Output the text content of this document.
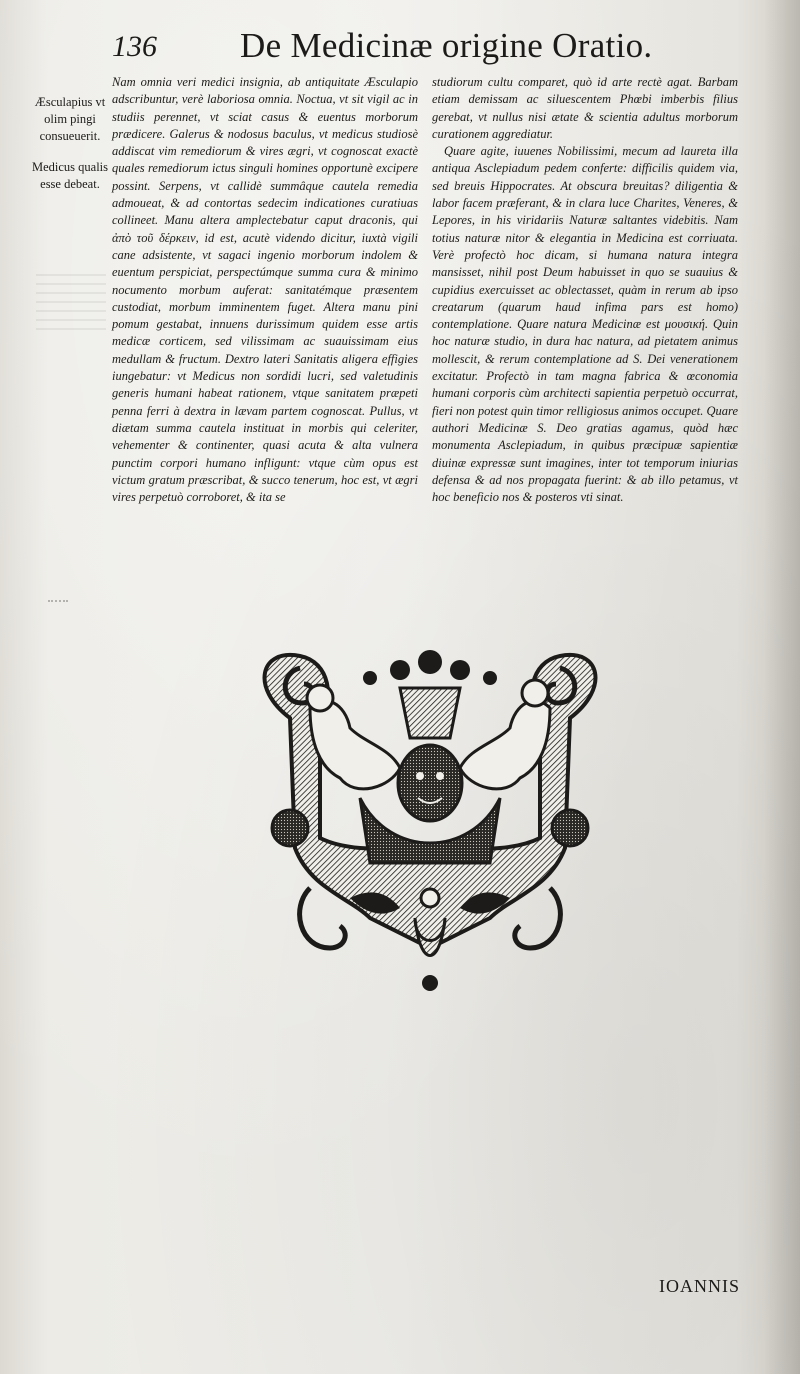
136 De Medicinæ origine Oratio.
Æsculapius vt olim pingi consueuerit.
Medicus qualis esse debeat.

Nam omnia veri medici insignia, ab antiquitate Æsculapio adscribuntur, verè laboriosa omnia. Noctua, vt sit vigil ac in studiis perennet, vt sciat casus & euentus morborum prædicere. Galerus & nodosus baculus, vt medicus studiosè addiscat vim remediorum & vires ægri, vt cognoscat exactè quales remediorum ictus singuli homines opportunè excipere possint. Serpens, vt callidè summâque cautela remedia admoueat, & ad contortas sedecim indicationes curatiuas collineet. Manu altera amplectebatur caput draconis, qui ἀπὸ τοῦ δέρκειν, id est, acutè videndo dicitur, iuxtà vigili cane adsistente, vt sagaci ingenio morborum indolem & euentum perspiciat, perspectúmque summa cura & minimo nocumento morbum auferat: sanitatémque præsentem custodiat, morbum imminentem fuget. Altera manu pini pomum gestabat, innuens durissimum quidem esse artis medicæ corticem, sed vilissimam ac suauissimam eius medullam & fructum. Dextro lateri Sanitatis aligera effigies iungebatur: vt Medicus non sordidi lucri, sed valetudinis generis humani habeat rationem, vtque sanitatem præpeti penna ferri à dextra in lævam partem cognoscat. Pullus, vt diætam summa cautela instituat in morbis qui celeriter, vehementer & continenter, quasi acuta & alta vulnera punctim corpori humano infligunt: vtque cùm opus est victum gratum præscribat, & succo tenerum, hoc est, vt ægri vires perpetuò corroboret, & ita se

studiorum cultu comparet, quò id arte rectè agat. Barbam etiam demissam ac siluescentem Phœbi imberbis filius gerebat, vt nullus nisi ætate & scientia adultus morborum curationem aggrediatur.

Quare agite, iuuenes Nobilissimi, mecum ad laureta illa antiqua Asclepiadum pedem conferte: difficilis quidem via, sed breuis Hippocrates. At obscura breuitas? diligentia & labor facem præferant, & in clara luce Charites, Veneres, & Lepores, in his viridariis Naturæ saltantes videbitis. Nam totius naturæ nitor & elegantia in Medicina est corriuata. Verè profectò hoc dicam, si humana natura integra mansisset, nihil post Deum habuisset in quo se suauius & cupidius exercuisset ac oblectasset, quàm in rerum ab ipso creatarum (quarum haud infima pars est homo) contemplatione. Quare natura Medicinæ est μουσική. Quin hoc naturæ studio, in dura hac natura, ad pietatem animus mollescit, & rerum contemplatione ad S. Dei venerationem excitatur. Profectò in tam magna fabrica & œconomia humani corporis cùm architecti sapientia perpetuò occurrat, fieri non potest quin timor relligiosus animos occupet. Quare authori Medicinæ S. Deo gratias agamus, quòd hæc monumenta Asclepiadum, in quibus præcipuæ sapientiæ diuinæ expressæ sunt imagines, inter tot temporum iniurias defensa & ad nos propagata fuerint: & ab illo petamus, vt hoc beneficio nos & posteros vti sinat.

IOANNIS
